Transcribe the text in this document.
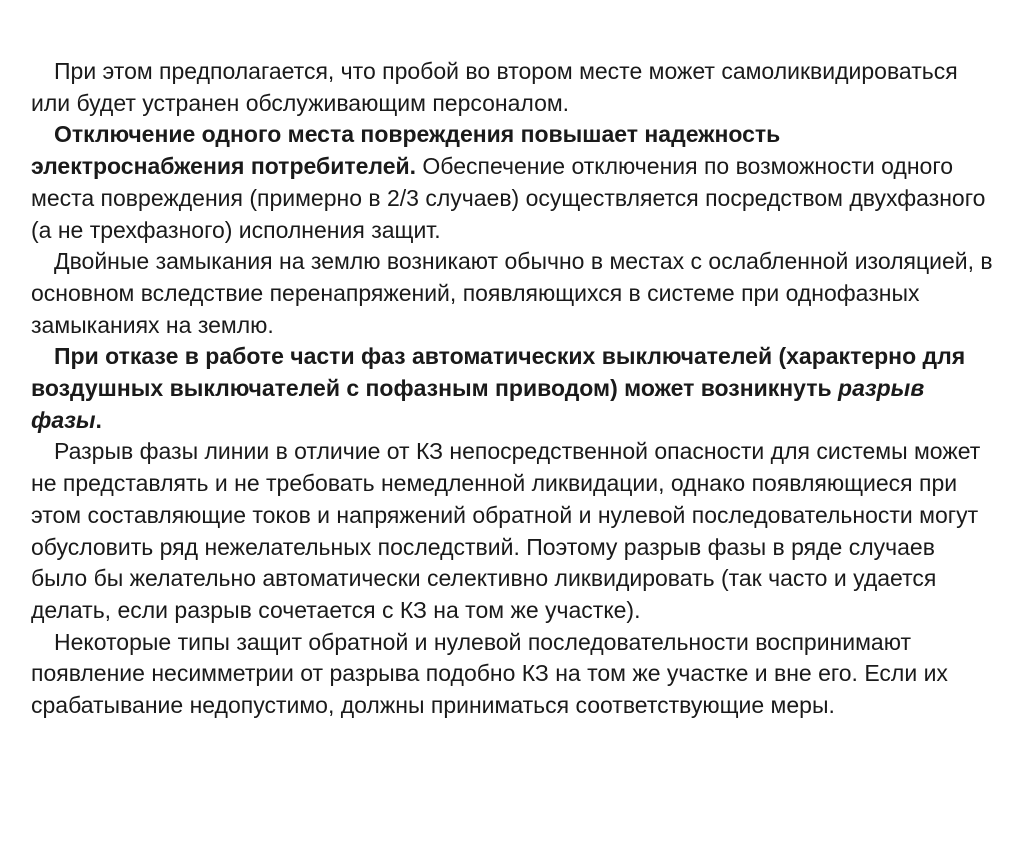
При этом предполагается, что пробой во втором месте может самоликвидироваться или будет устранен обслуживающим персоналом.

Отключение одного места повреждения повышает надежность электроснабжения потребителей. Обеспечение отключения по возможности одного места повреждения (примерно в 2/3 случаев) осуществляется посредством двухфазного (а не трехфазного) исполнения защит.

Двойные замыкания на землю возникают обычно в местах с ослабленной изоляцией, в основном вследствие перенапряжений, появляющихся в системе при однофазных замыканиях на землю.

При отказе в работе части фаз автоматических выключателей (характерно для воздушных выключателей с пофазным приводом) может возникнуть разрыв фазы.

Разрыв фазы линии в отличие от КЗ непосредственной опасности для системы может не представлять и не требовать немедленной ликвидации, однако появляющиеся при этом составляющие токов и напряжений обратной и нулевой последовательности могут обусловить ряд нежелательных последствий. Поэтому разрыв фазы в ряде случаев было бы желательно автоматически селективно ликвидировать (так часто и удается делать, если разрыв сочетается с КЗ на том же участке).

Некоторые типы защит обратной и нулевой последовательности воспринимают появление несимметрии от разрыва подобно КЗ на том же участке и вне его. Если их срабатывание недопустимо, должны приниматься соответствующие меры.
